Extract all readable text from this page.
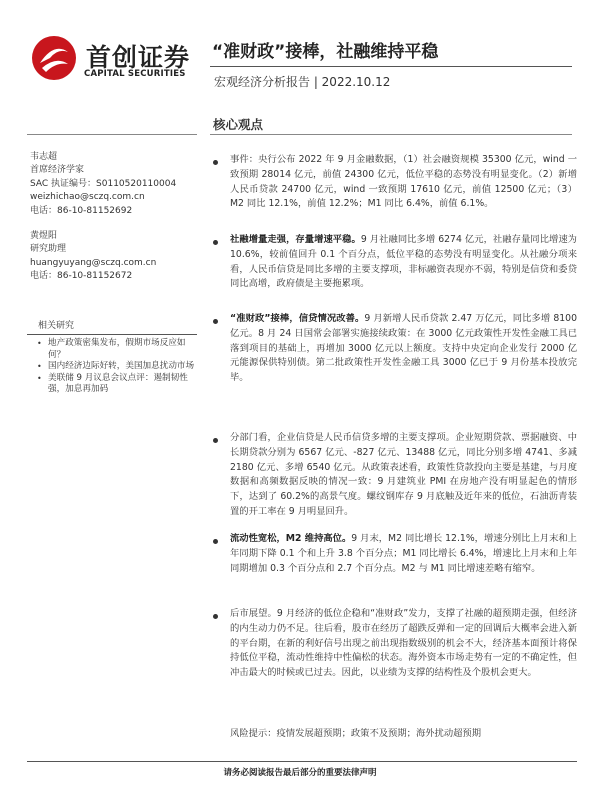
首创证券
CAPITAL SECURITIES
“准财政”接棒，社融维持平稳
宏观经济分析报告 | 2022.10.12
核心观点
韦志超
首席经济学家
SAC 执证编号：S0110520110004
weizhichao@sczq.com.cn
电话：86-10-81152692
黄煜阳
研究助理
huangyuyang@sczq.com.cn
电话：86-10-81152672
相关研究
• 地产政策密集发布，假期市场反应如何？
• 国内经济边际好转，美国加息扰动市场
• 美联储 9 月议息会议点评：遏制韧性强，加息再加码
事件：央行公布 2022 年 9 月金融数据，（1）社会融资规模 35300 亿元，wind 一致预期 28014 亿元，前值 24300 亿元，低位平稳的态势没有明显变化。（2）新增人民币贷款 24700 亿元，wind 一致预期 17610 亿元，前值 12500 亿元；（3）M2 同比 12.1%，前值 12.2%；M1 同比 6.4%，前值 6.1%。
社融增量走强，存量增速平稳。9 月社融同比多增 6274 亿元，社融存量同比增速为 10.6%，较前值回升 0.1 个百分点，低位平稳的态势没有明显变化。从社融分项来看，人民币信贷是同比多增的主要支撑项，非标融资表现亦不弱，特别是信贷和委贷同比高增，政府债是主要拖累项。
“准财政”接棒，信贷情况改善。9 月新增人民币贷款 2.47 万亿元，同比多增 8100 亿元。8 月 24 日国常会部署实施接续政策：在 3000 亿元政策性开发性金融工具已落到项目的基础上，再增加 3000 亿元以上额度。支持中央定向企业发行 2000 亿元能源保供特别债。第二批政策性开发性金融工具 3000 亿已于 9 月份基本投放完毕。
分部门看，企业信贷是人民币信贷多增的主要支撑项。企业短期贷款、票据融资、中长期贷款分别为 6567 亿元、-827 亿元、13488 亿元，同比分别多增 4741、多减 2180 亿元、多增 6540 亿元。从政策表述看，政策性贷款投向主要是基建，与月度数据和高频数据反映的情况一致：9 月建筑业 PMI 在房地产没有明显起色的情形下，达到了 60.2%的高景气度。螺纹钢库存 9 月底触及近年来的低位，石油沥青装置的开工率在 9 月明显回升。
流动性宽松，M2 维持高位。9 月末，M2 同比增长 12.1%，增速分别比上月末和上年同期下降 0.1 个和上升 3.8 个百分点；M1 同比增长 6.4%，增速比上月末和上年同期增加 0.3 个百分点和 2.7 个百分点。M2 与 M1 同比增速差略有缩窄。
后市展望。9 月经济的低位企稳和“准财政”发力，支撑了社融的超预期走强，但经济的内生动力仍不足。往后看，股市在经历了超跌反弹和一定的回调后大概率会进入新的平台期，在新的利好信号出现之前出现指数级别的机会不大，经济基本面预计将保持低位平稳，流动性维持中性偏松的状态。海外资本市场走势有一定的不确定性，但冲击最大的时候或已过去。因此，以业绩为支撑的结构性及个股机会更大。
风险提示：疫情发展超预期；政策不及预期；海外扰动超预期
请务必阅读报告最后部分的重要法律声明
